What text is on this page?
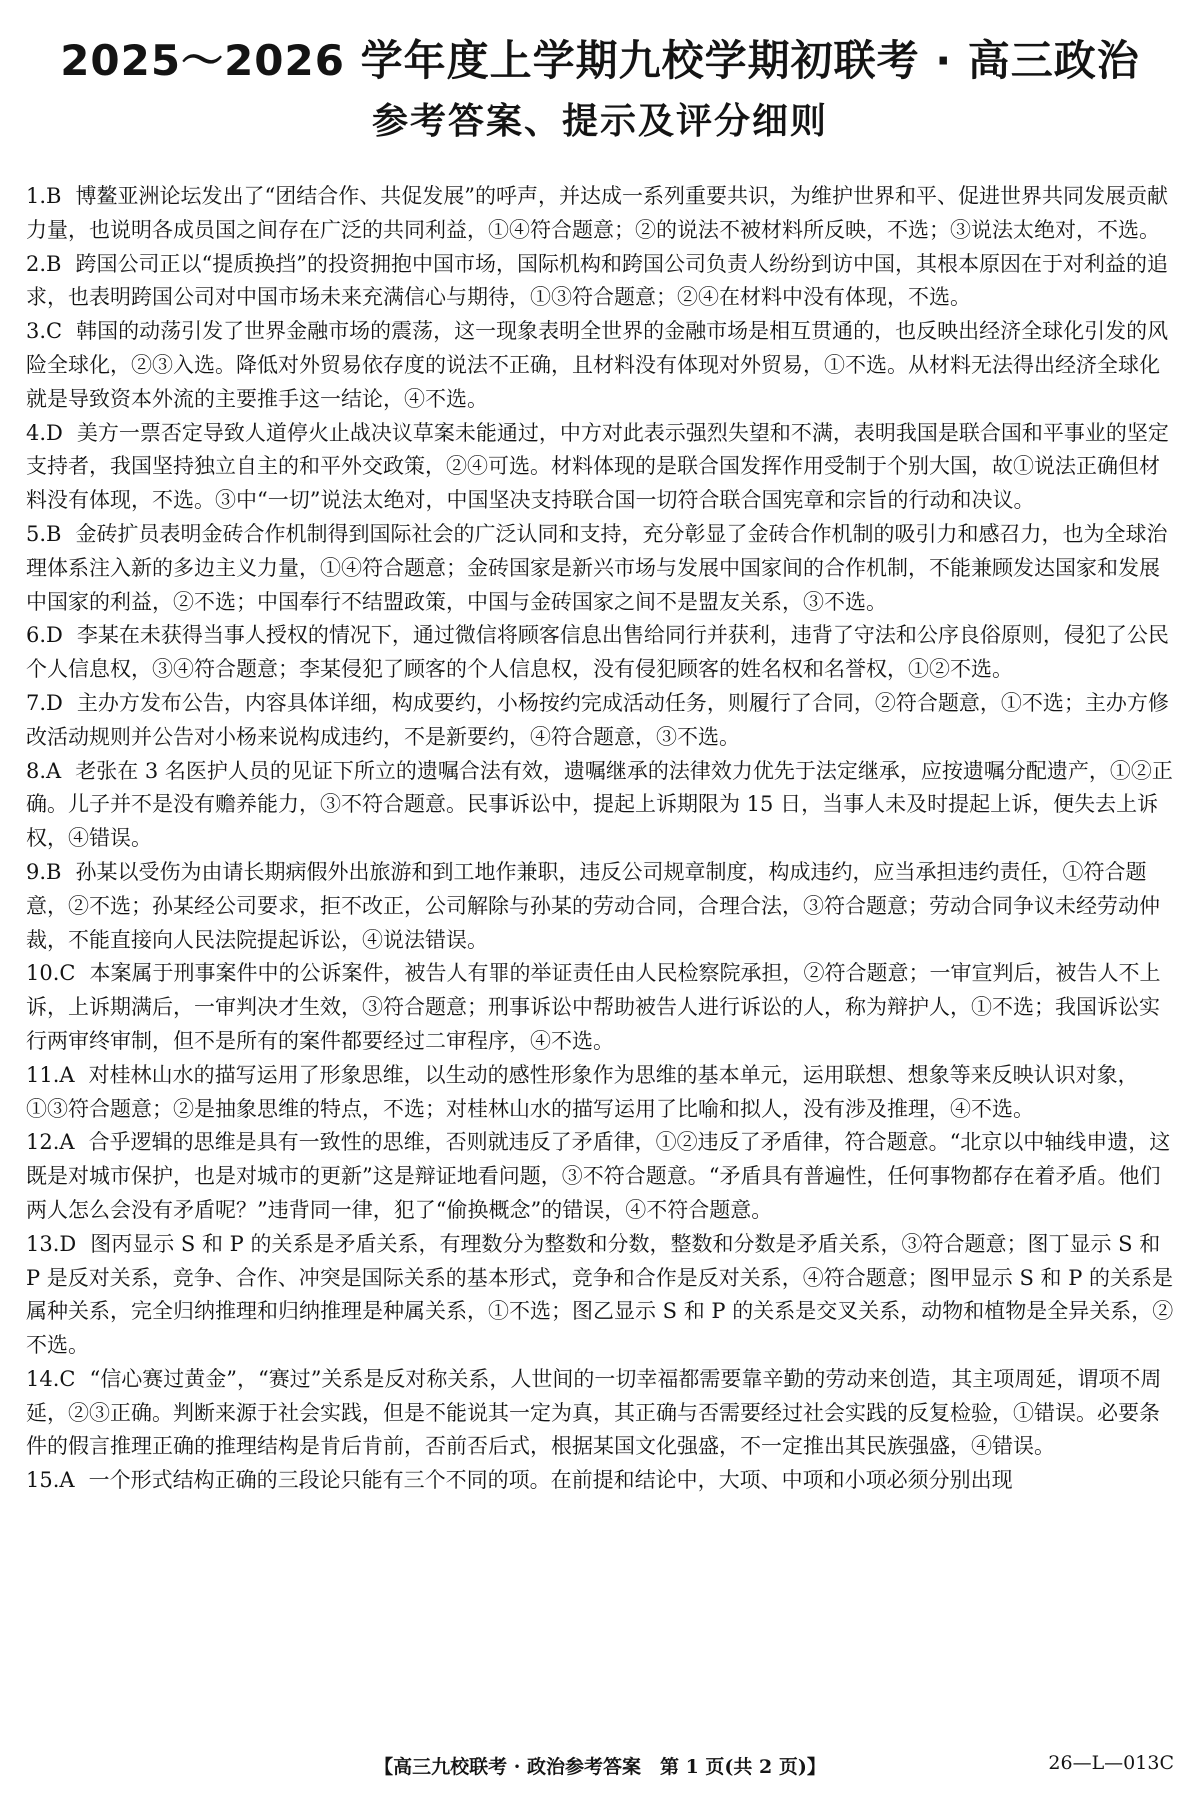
2025～2026 学年度上学期九校学期初联考 · 高三政治
参考答案、提示及评分细则

1.B 博鳌亚洲论坛发出了“团结合作、共促发展”的呼声，并达成一系列重要共识，为维护世界和平、促进世界共同发展贡献力量，也说明各成员国之间存在广泛的共同利益，①④符合题意；②的说法不被材料所反映，不选；③说法太绝对，不选。

2.B 跨国公司正以“提质换挡”的投资拥抱中国市场，国际机构和跨国公司负责人纷纷到访中国，其根本原因在于对利益的追求，也表明跨国公司对中国市场未来充满信心与期待，①③符合题意；②④在材料中没有体现，不选。

3.C 韩国的动荡引发了世界金融市场的震荡，这一现象表明全世界的金融市场是相互贯通的，也反映出经济全球化引发的风险全球化，②③入选。降低对外贸易依存度的说法不正确，且材料没有体现对外贸易，①不选。从材料无法得出经济全球化就是导致资本外流的主要推手这一结论，④不选。

4.D 美方一票否定导致人道停火止战决议草案未能通过，中方对此表示强烈失望和不满，表明我国是联合国和平事业的坚定支持者，我国坚持独立自主的和平外交政策，②④可选。材料体现的是联合国发挥作用受制于个别大国，故①说法正确但材料没有体现，不选。③中“一切”说法太绝对，中国坚决支持联合国一切符合联合国宪章和宗旨的行动和决议。

5.B 金砖扩员表明金砖合作机制得到国际社会的广泛认同和支持，充分彰显了金砖合作机制的吸引力和感召力，也为全球治理体系注入新的多边主义力量，①④符合题意；金砖国家是新兴市场与发展中国家间的合作机制，不能兼顾发达国家和发展中国家的利益，②不选；中国奉行不结盟政策，中国与金砖国家之间不是盟友关系，③不选。

6.D 李某在未获得当事人授权的情况下，通过微信将顾客信息出售给同行并获利，违背了守法和公序良俗原则，侵犯了公民个人信息权，③④符合题意；李某侵犯了顾客的个人信息权，没有侵犯顾客的姓名权和名誉权，①②不选。

7.D 主办方发布公告，内容具体详细，构成要约，小杨按约完成活动任务，则履行了合同，②符合题意，①不选；主办方修改活动规则并公告对小杨来说构成违约，不是新要约，④符合题意，③不选。

8.A 老张在 3 名医护人员的见证下所立的遗嘱合法有效，遗嘱继承的法律效力优先于法定继承，应按遗嘱分配遗产，①②正确。儿子并不是没有赡养能力，③不符合题意。民事诉讼中，提起上诉期限为 15 日，当事人未及时提起上诉，便失去上诉权，④错误。

9.B 孙某以受伤为由请长期病假外出旅游和到工地作兼职，违反公司规章制度，构成违约，应当承担违约责任，①符合题意，②不选；孙某经公司要求，拒不改正，公司解除与孙某的劳动合同，合理合法，③符合题意；劳动合同争议未经劳动仲裁，不能直接向人民法院提起诉讼，④说法错误。

10.C 本案属于刑事案件中的公诉案件，被告人有罪的举证责任由人民检察院承担，②符合题意；一审宣判后，被告人不上诉，上诉期满后，一审判决才生效，③符合题意；刑事诉讼中帮助被告人进行诉讼的人，称为辩护人，①不选；我国诉讼实行两审终审制，但不是所有的案件都要经过二审程序，④不选。

11.A 对桂林山水的描写运用了形象思维，以生动的感性形象作为思维的基本单元，运用联想、想象等来反映认识对象，①③符合题意；②是抽象思维的特点，不选；对桂林山水的描写运用了比喻和拟人，没有涉及推理，④不选。

12.A 合乎逻辑的思维是具有一致性的思维，否则就违反了矛盾律，①②违反了矛盾律，符合题意。“北京以中轴线申遗，这既是对城市保护，也是对城市的更新”这是辩证地看问题，③不符合题意。“矛盾具有普遍性，任何事物都存在着矛盾。他们两人怎么会没有矛盾呢？”违背同一律，犯了“偷换概念”的错误，④不符合题意。

13.D 图丙显示 S 和 P 的关系是矛盾关系，有理数分为整数和分数，整数和分数是矛盾关系，③符合题意；图丁显示 S 和 P 是反对关系，竞争、合作、冲突是国际关系的基本形式，竞争和合作是反对关系，④符合题意；图甲显示 S 和 P 的关系是属种关系，完全归纳推理和归纳推理是种属关系，①不选；图乙显示 S 和 P 的关系是交叉关系，动物和植物是全异关系，②不选。

14.C “信心赛过黄金”，“赛过”关系是反对称关系，人世间的一切幸福都需要靠辛勤的劳动来创造，其主项周延，谓项不周延，②③正确。判断来源于社会实践，但是不能说其一定为真，其正确与否需要经过社会实践的反复检验，①错误。必要条件的假言推理正确的推理结构是肯后肯前，否前否后式，根据某国文化强盛，不一定推出其民族强盛，④错误。

15.A 一个形式结构正确的三段论只能有三个不同的项。在前提和结论中，大项、中项和小项必须分别出现

【高三九校联考 · 政治参考答案　第 1 页(共 2 页)】	26—L—013C
